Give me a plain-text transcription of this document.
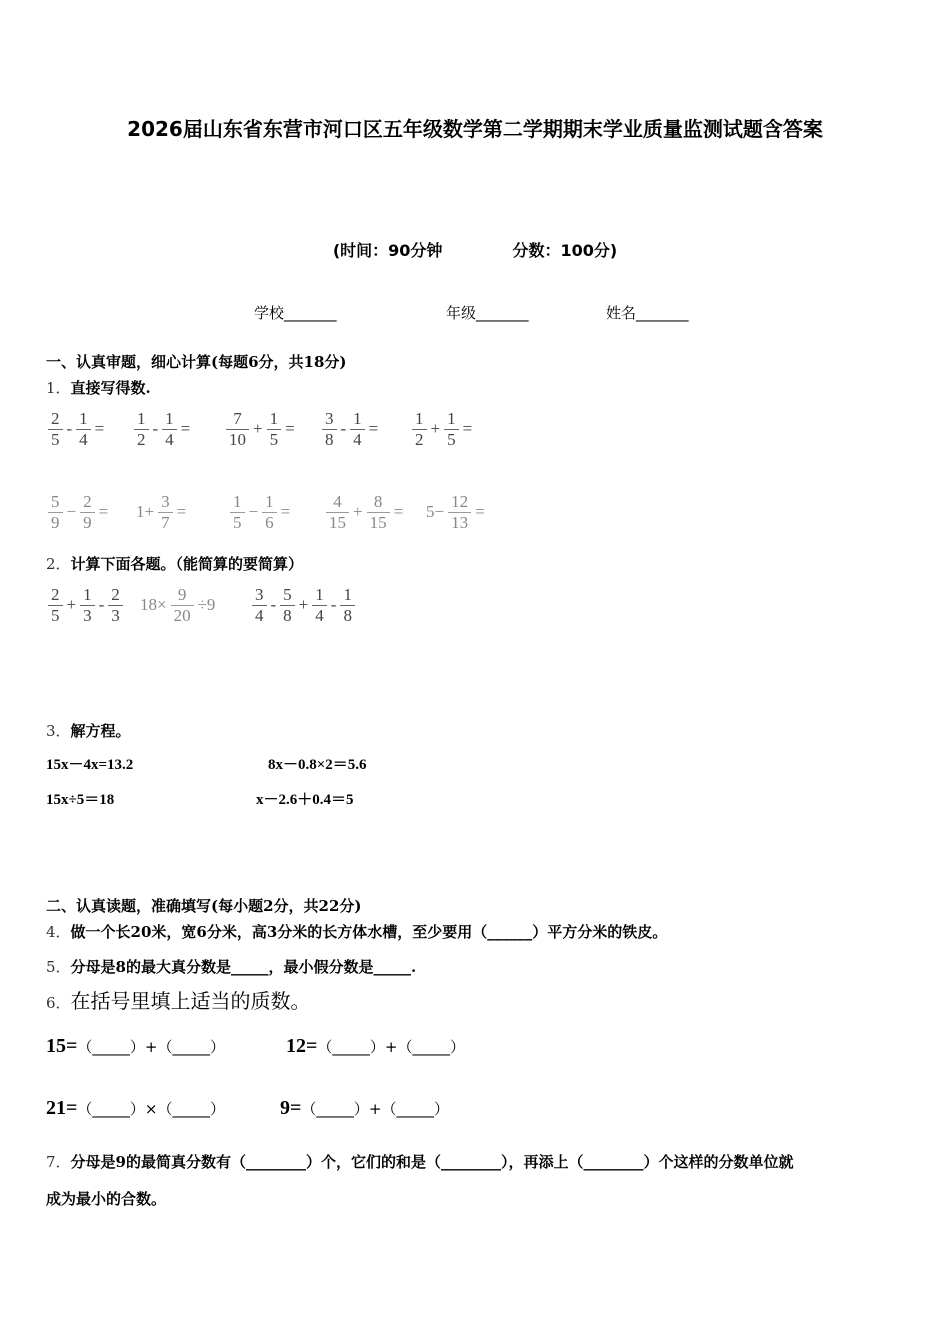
2026届山东省东营市河口区五年级数学第二学期期末学业质量监测试题含答案
(时间：90分钟	分数：100分)
学校_______	年级_______	姓名_______
一、认真审题，细心计算(每题6分，共18分)
1．直接写得数.
$\frac{2}{5} - \frac{1}{4} = \frac{1}{2} - \frac{1}{4} = \frac{7}{10} + \frac{1}{5} = \frac{3}{8} - \frac{1}{4} = \frac{1}{2} + \frac{1}{5}$ =
$\frac{5}{9} - \frac{2}{9} = 1+ \frac{3}{7}$ =	$\frac{1}{5} - \frac{1}{6} = \frac{4}{15} + \frac{8}{15} = 5- \frac{12}{13}$ =
2．计算下面各题。（能简算的要简算）
$\frac{2}{5} + \frac{1}{3} - \frac{2}{3} 18\times \frac{9}{20} \div 9 \frac{3}{4} - \frac{5}{8} + \frac{1}{4} - \frac{1}{8}$
3．解方程。
15x－4x=13.2	8x－0.8×2＝5.6
15x÷5＝18	x－2.6＋0.4＝5
二、认真读题，准确填写(每小题2分，共22分)
4．做一个长20米，宽6分米，高3分米的长方体水槽，至少要用（______）平方分米的铁皮。
5．分母是8的最大真分数是_____，最小假分数是_____.
6．在括号里填上适当的质数。
15=（_____）+（_____）	12=（_____）+（_____）
21=（_____）×（_____）	9=（_____）+（_____）
7．分母是9的最简真分数有（________）个，它们的和是（________），再添上（________）个这样的分数单位就
成为最小的合数。
